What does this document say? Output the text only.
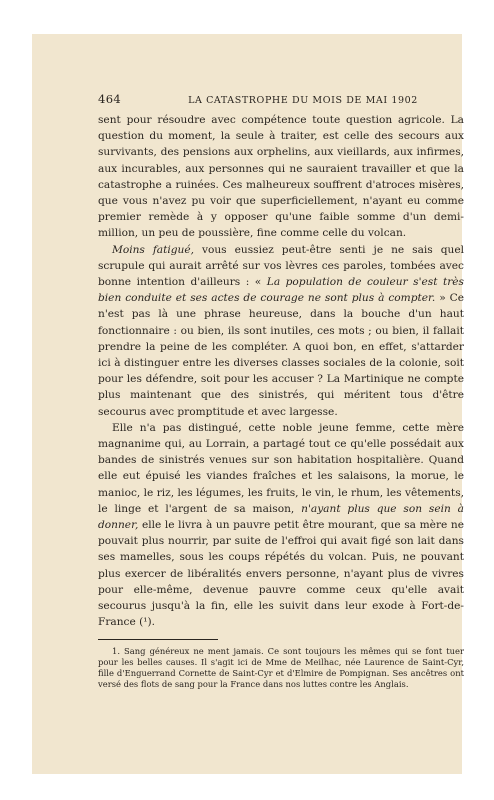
464	LA CATASTROPHE DU MOIS DE MAI 1902

sent pour résoudre avec compétence toute question agricole. La question du moment, la seule à traiter, est celle des secours aux survivants, des pensions aux orphelins, aux vieillards, aux infirmes, aux incurables, aux personnes qui ne sauraient travailler et que la catastrophe a ruinées. Ces malheureux souffrent d'atroces misères, que vous n'avez pu voir que superficiellement, n'ayant eu comme premier remède à y opposer qu'une faible somme d'un demi-million, un peu de poussière, fine comme celle du volcan.

Moins fatigué, vous eussiez peut-être senti je ne sais quel scrupule qui aurait arrêté sur vos lèvres ces paroles, tombées avec bonne intention d'ailleurs : « La population de couleur s'est très bien conduite et ses actes de courage ne sont plus à compter. » Ce n'est pas là une phrase heureuse, dans la bouche d'un haut fonctionnaire : ou bien, ils sont inutiles, ces mots ; ou bien, il fallait prendre la peine de les compléter. A quoi bon, en effet, s'attarder ici à distinguer entre les diverses classes sociales de la colonie, soit pour les défendre, soit pour les accuser ? La Martinique ne compte plus maintenant que des sinistrés, qui méritent tous d'être secourus avec promptitude et avec largesse.

Elle n'a pas distingué, cette noble jeune femme, cette mère magnanime qui, au Lorrain, a partagé tout ce qu'elle possédait aux bandes de sinistrés venues sur son habitation hospitalière. Quand elle eut épuisé les viandes fraîches et les salaisons, la morue, le manioc, le riz, les légumes, les fruits, le vin, le rhum, les vêtements, le linge et l'argent de sa maison, n'ayant plus que son sein à donner, elle le livra à un pauvre petit être mourant, que sa mère ne pouvait plus nourrir, par suite de l'effroi qui avait figé son lait dans ses mamelles, sous les coups répétés du volcan. Puis, ne pouvant plus exercer de libéralités envers personne, n'ayant plus de vivres pour elle-même, devenue pauvre comme ceux qu'elle avait secourus jusqu'à la fin, elle les suivit dans leur exode à Fort-de-France (¹).

1. Sang généreux ne ment jamais. Ce sont toujours les mêmes qui se font tuer pour les belles causes. Il s'agit ici de Mme de Meilhac, née Laurence de Saint-Cyr, fille d'Enguerrand Cornette de Saint-Cyr et d'Elmire de Pompignan. Ses ancêtres ont versé des flots de sang pour la France dans nos luttes contre les Anglais.
